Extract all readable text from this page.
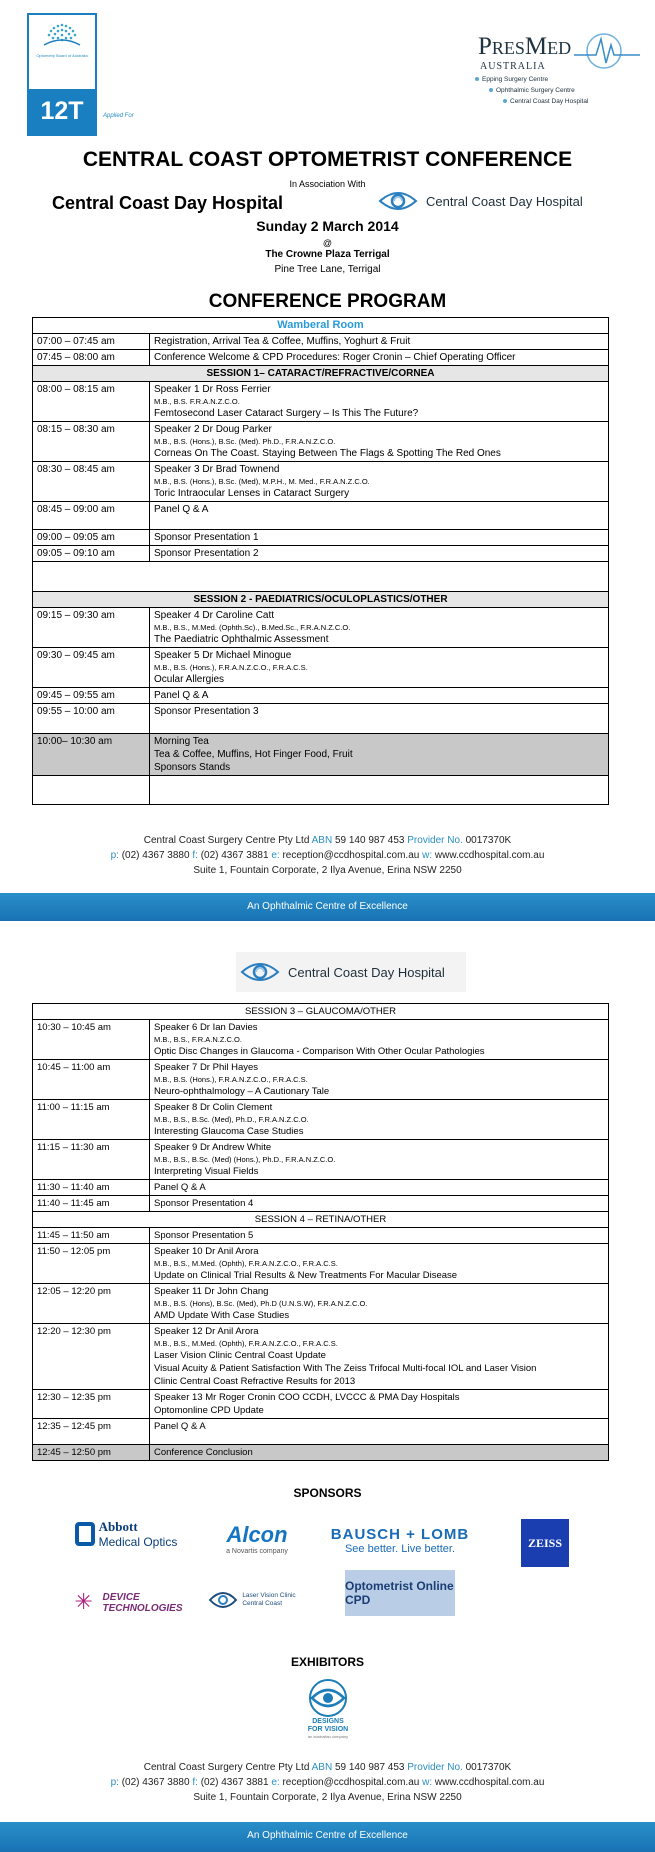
Optometry Board of Australia
12T	Applied For
PresMed
AUSTRALIA
Epping Surgery Centre
Ophthalmic Surgery Centre
Central Coast Day Hospital
CENTRAL COAST OPTOMETRIST CONFERENCE
In Association With
Central Coast Day Hospital	Central Coast Day Hospital
Sunday 2 March 2014
@
The Crowne Plaza Terrigal
Pine Tree Lane, Terrigal
CONFERENCE PROGRAM
Wamberal Room	
07:00 – 07:45 am	Registration, Arrival Tea & Coffee, Muffins, Yoghurt & Fruit
07:45 – 08:00 am	Conference Welcome & CPD Procedures: Roger Cronin – Chief Operating Officer
SESSION 1– CATARACT/REFRACTIVE/CORNEA	
08:00 – 08:15 am	Speaker 1 Dr Ross Ferrier
M.B., B.S. F.R.A.N.Z.C.O.
Femtosecond Laser Cataract Surgery – Is This The Future?
08:15 – 08:30 am	Speaker 2 Dr Doug Parker
M.B., B.S. (Hons.), B.Sc. (Med). Ph.D., F.R.A.N.Z.C.O.
Corneas On The Coast. Staying Between The Flags & Spotting The Red Ones
08:30 – 08:45 am	Speaker 3 Dr Brad Townend
M.B., B.S. (Hons.), B.Sc. (Med), M.P.H., M. Med., F.R.A.N.Z.C.O.
Toric Intraocular Lenses in Cataract Surgery
08:45 – 09:00 am	Panel Q & A
09:00 – 09:05 am	Sponsor Presentation 1
09:05 – 09:10 am	Sponsor Presentation 2

SESSION 2 - PAEDIATRICS/OCULOPLASTICS/OTHER	
09:15 – 09:30 am	Speaker 4 Dr Caroline Catt
M.B., B.S., M.Med. (Ophth.Sc)., B.Med.Sc., F.R.A.N.Z.C.O.
The Paediatric Ophthalmic Assessment
09:30 – 09:45 am	Speaker 5 Dr Michael Minogue
M.B., B.S. (Hons.), F.R.A.N.Z.C.O., F.R.A.C.S.
Ocular Allergies
09:45 – 09:55 am	Panel Q & A
09:55 – 10:00 am	Sponsor Presentation 3
10:00– 10:30 am	Morning Tea
Tea & Coffee, Muffins, Hot Finger Food, Fruit
Sponsors Stands

Central Coast Surgery Centre Pty Ltd ABN 59 140 987 453 Provider No. 0017370K
p: (02) 4367 3880 f: (02) 4367 3881 e: reception@ccdhospital.com.au w: www.ccdhospital.com.au
Suite 1, Fountain Corporate, 2 Ilya Avenue, Erina NSW 2250
An Ophthalmic Centre of Excellence
Central Coast Day Hospital
SESSION 3 – GLAUCOMA/OTHER	
10:30 – 10:45 am	Speaker 6 Dr Ian Davies
M.B., B.S., F.R.A.N.Z.C.O.
Optic Disc Changes in Glaucoma - Comparison With Other Ocular Pathologies
10:45 – 11:00 am	Speaker 7 Dr Phil Hayes
M.B., B.S. (Hons.), F.R.A.N.Z.C.O., F.R.A.C.S.
Neuro-ophthalmology – A Cautionary Tale
11:00 – 11:15 am	Speaker 8 Dr Colin Clement
M.B., B.S., B.Sc. (Med), Ph.D., F.R.A.N.Z.C.O.
Interesting Glaucoma Case Studies
11:15 – 11:30 am	Speaker 9 Dr Andrew White
M.B., B.S., B.Sc. (Med) (Hons.), Ph.D., F.R.A.N.Z.C.O.
Interpreting Visual Fields
11:30 – 11:40 am	Panel Q & A
11:40 – 11:45 am	Sponsor Presentation 4
SESSION 4 – RETINA/OTHER	
11:45 – 11:50 am	Sponsor Presentation 5
11:50 – 12:05 pm	Speaker 10 Dr Anil Arora
M.B., B.S., M.Med. (Ophth), F.R.A.N.Z.C.O., F.R.A.C.S.
Update on Clinical Trial Results & New Treatments For Macular Disease
12:05 – 12:20 pm	Speaker 11 Dr John Chang
M.B., B.S. (Hons), B.Sc. (Med), Ph.D (U.N.S.W), F.R.A.N.Z.C.O.
AMD Update With Case Studies
12:20 – 12:30 pm	Speaker 12 Dr Anil Arora
M.B., B.S., M.Med. (Ophth), F.R.A.N.Z.C.O., F.R.A.C.S.
Laser Vision Clinic Central Coast Update
Visual Acuity & Patient Satisfaction With The Zeiss Trifocal Multi-focal IOL and Laser Vision
Clinic Central Coast Refractive Results for 2013

12:30 – 12:35 pm	Speaker 13 Mr Roger Cronin COO CCDH, LVCCC & PMA Day Hospitals
Optomonline CPD Update

12:35 – 12:45 pm	Panel Q & A
12:45 – 12:50 pm	Conference Conclusion
SPONSORS
Abbott
Medical Optics Alcon
a Novartis company
BAUSCH + LOMB
See better. Live better.	ZEISS
✳ DEVICE
TECHNOLOGIES
Laser Vision Clinic
Central Coast
Optometrist Online CPD
EXHIBITORS
DESIGNS
FOR VISION
an australian company
Central Coast Surgery Centre Pty Ltd ABN 59 140 987 453 Provider No. 0017370K
p: (02) 4367 3880 f: (02) 4367 3881 e: reception@ccdhospital.com.au w: www.ccdhospital.com.au
Suite 1, Fountain Corporate, 2 Ilya Avenue, Erina NSW 2250
An Ophthalmic Centre of Excellence
